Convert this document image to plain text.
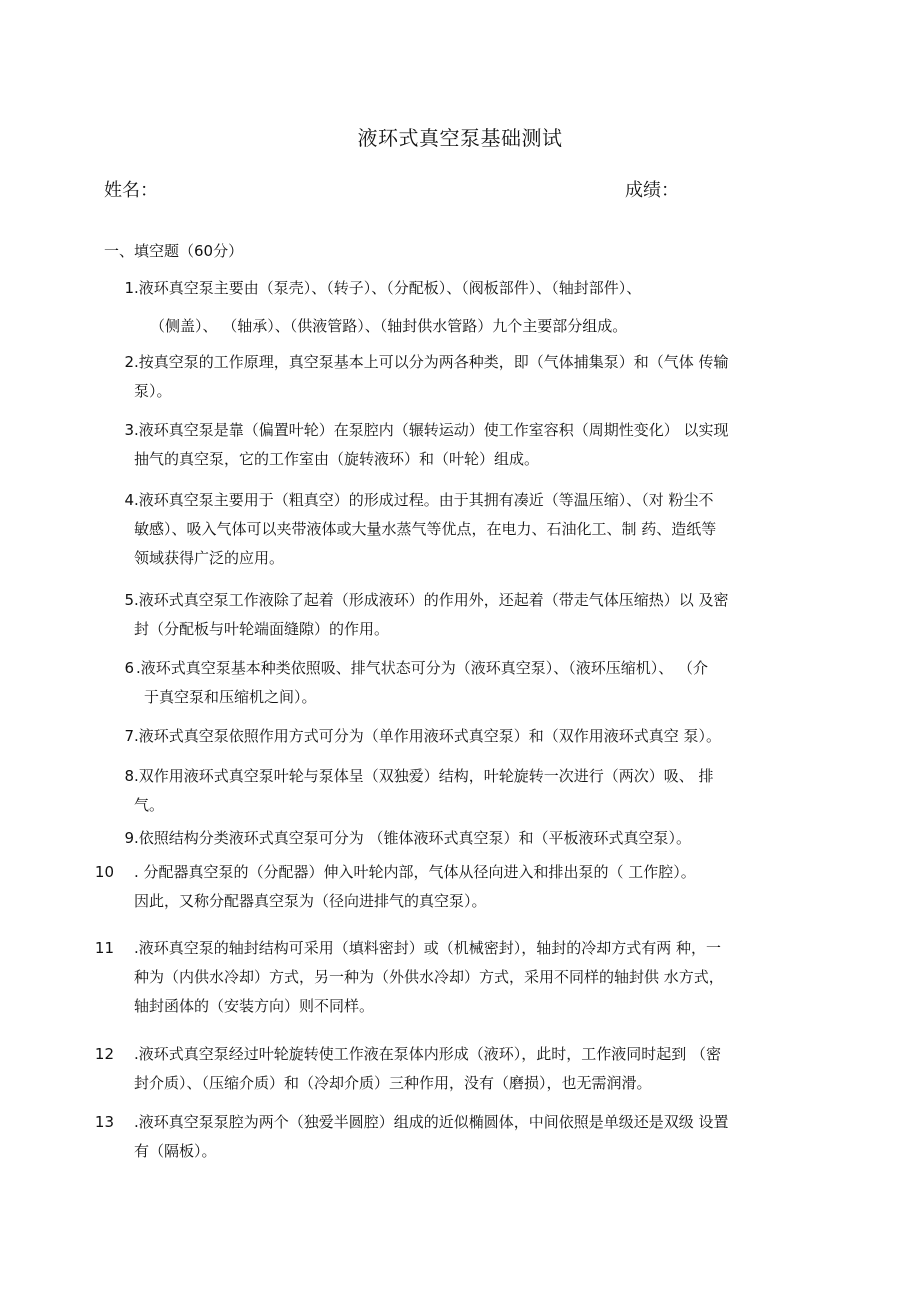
液环式真空泵基础测试
姓名：	成绩：
一、填空题（60分）
1 .液环真空泵主要由（泵壳）、（转子）、（分配板）、（阀板部件）、（轴封部件）、
（侧盖）、 （轴承）、（供液管路）、（轴封供水管路）九个主要部分组成。
2 .按真空泵的工作原理，真空泵基本上可以分为两各种类，即（气体捕集泵）和（气体 传输
泵）。
3 .液环真空泵是靠（偏置叶轮）在泵腔内（辗转运动）使工作室容积（周期性变化） 以实现
抽气的真空泵，它的工作室由（旋转液环）和（叶轮）组成。
4 .液环真空泵主要用于（粗真空）的形成过程。由于其拥有凑近（等温压缩）、（对 粉尘不
敏感）、吸入气体可以夹带液体或大量水蒸气等优点，在电力、石油化工、制 药、造纸等
领域获得广泛的应用。
5 .液环式真空泵工作液除了起着（形成液环）的作用外，还起着（带走气体压缩热）以 及密
封（分配板与叶轮端面缝隙）的作用。
6 .液环式真空泵基本种类依照吸、排气状态可分为（液环真空泵）、（液环压缩机）、 （介
于真空泵和压缩机之间）。
7 .液环式真空泵依照作用方式可分为（单作用液环式真空泵）和（双作用液环式真空 泵）。
8 .双作用液环式真空泵叶轮与泵体呈（双独爱）结构，叶轮旋转一次进行（两次）吸、 排
气。
9 .依照结构分类液环式真空泵可分为 （锥体液环式真空泵）和（平板液环式真空泵）。
10 . 分配器真空泵的（分配器）伸入叶轮内部，气体从径向进入和排出泵的（ 工作腔）。
因此，又称分配器真空泵为（径向进排气的真空泵）。
11 .液环真空泵的轴封结构可采用（填料密封）或（机械密封），轴封的冷却方式有两 种，一
种为（内供水冷却）方式，另一种为（外供水冷却）方式，采用不同样的轴封供 水方式，
轴封函体的（安装方向）则不同样。
12 .液环式真空泵经过叶轮旋转使工作液在泵体内形成（液环），此时，工作液同时起到 （密
封介质）、（压缩介质）和（冷却介质）三种作用，没有（磨损），也无需润滑。
13 .液环真空泵泵腔为两个（独爱半圆腔）组成的近似椭圆体，中间依照是单级还是双级 设置
有（隔板）。
